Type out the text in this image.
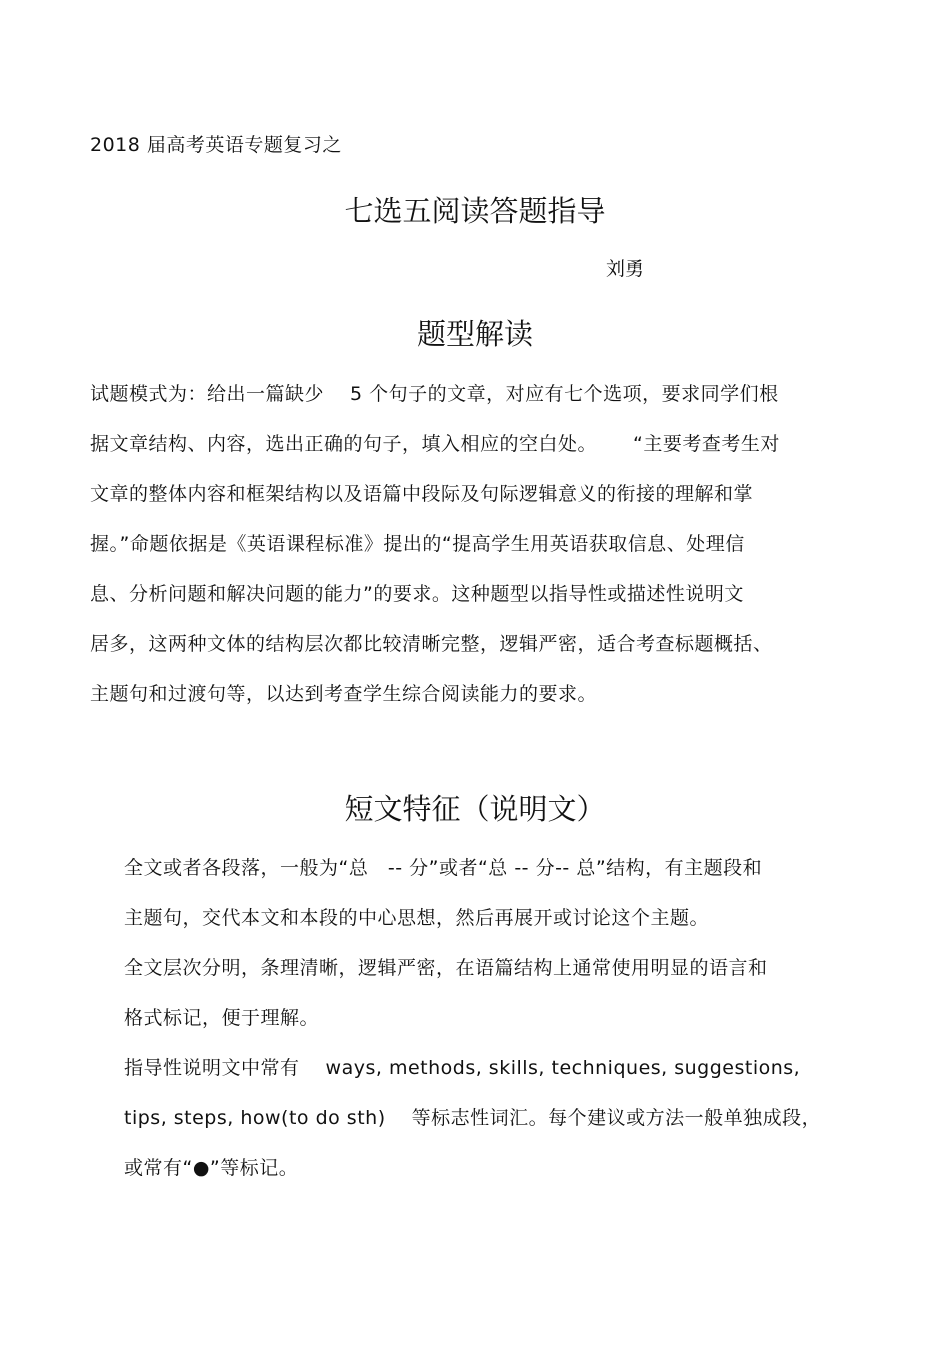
2018 届高考英语专题复习之
七选五阅读答题指导
刘勇
题型解读
试题模式为：给出一篇缺少　 5 个句子的文章，对应有七个选项，要求同学们根
据文章结构、内容，选出正确的句子，填入相应的空白处。　　 “主要考查考生对
文章的整体内容和框架结构以及语篇中段际及句际逻辑意义的衔接的理解和掌
握。”命题依据是《英语课程标准》提出的“提高学生用英语获取信息、处理信
息、分析问题和解决问题的能力”的要求。这种题型以指导性或描述性说明文
居多，这两种文体的结构层次都比较清晰完整，逻辑严密，适合考查标题概括、
主题句和过渡句等，以达到考查学生综合阅读能力的要求。
短文特征（说明文）
全文或者各段落，一般为“总　-- 分”或者“总 -- 分-- 总”结构，有主题段和
主题句，交代本文和本段的中心思想，然后再展开或讨论这个主题。
全文层次分明，条理清晰，逻辑严密，在语篇结构上通常使用明显的语言和
格式标记，便于理解。
指导性说明文中常有　 ways, methods, skills, techniques, suggestions,
tips, steps, how(to do sth)　 等标志性词汇。每个建议或方法一般单独成段，
或常有“●”等标记。
